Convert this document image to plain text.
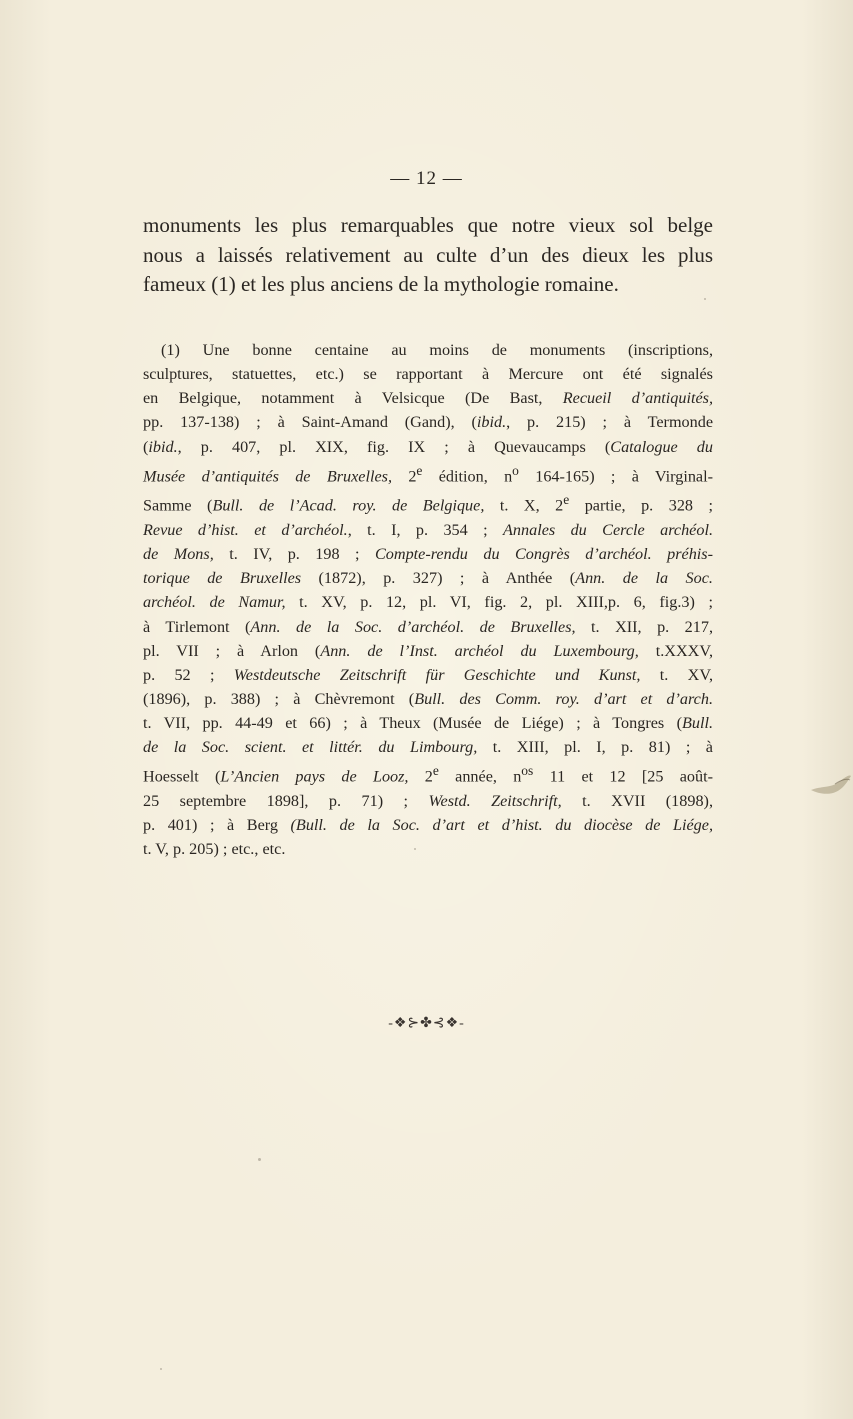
— 12 —
monuments les plus remarquables que notre vieux sol belge
nous a laissés relativement au culte d’un des dieux les plus
fameux (1) et les plus anciens de la mythologie romaine.
(1) Une bonne centaine au moins de monuments (inscriptions,
sculptures, statuettes, etc.) se rapportant à Mercure ont été signalés
en Belgique, notamment à Velsicque (De Bast, Recueil d’antiquités,
pp. 137-138) ; à Saint-Amand (Gand), (ibid., p. 215) ; à Termonde
(ibid., p. 407, pl. XIX, fig. IX ; à Quevaucamps (Catalogue du
Musée d’antiquités de Bruxelles, 2e édition, $n^o$ 164-165) ; à Virginal-
Samme (Bull. de l’Acad. roy. de Belgique, t. X, 2e partie, p. 328 ;
Revue d’hist. et d’archéol., t. I, p. 354 ; Annales du Cercle archéol.
de Mons, t. IV, p. 198 ; Compte-rendu du Congrès d’archéol. préhis-
torique de Bruxelles (1872), p. 327) ; à Anthée (Ann. de la Soc.
archéol. de Namur, t. XV, p. 12, pl. VI, fig. 2, pl. XIII,p. 6, fig.3) ;
à Tirlemont (Ann. de la Soc. d’archéol. de Bruxelles, t. XII, p. 217,
pl. VII ; à Arlon (Ann. de l’Inst. archéol du Luxembourg, t.XXXV,
p. 52 ; Westdeutsche Zeitschrift für Geschichte und Kunst, t. XV,
(1896), p. 388) ; à Chèvremont (Bull. des Comm. roy. d’art et d’arch.
t. VII, pp. 44-49 et 66) ; à Theux (Musée de Liége) ; à Tongres (Bull.
de la Soc. scient. et littér. du Limbourg, t. XIII, pl. I, p. 81) ; à
Hoesselt (L’Ancien pays de Looz, 2e année, $n^{os}$ 11 et 12 [25 août-
25 septembre 1898], p. 71) ; Westd. Zeitschrift, t. XVII (1898),
p. 401) ; à Berg (Bull. de la Soc. d’art et d’hist. du diocèse de Liége,
t. V, p. 205) ; etc., etc.
-❖⊱✤⊰❖-
